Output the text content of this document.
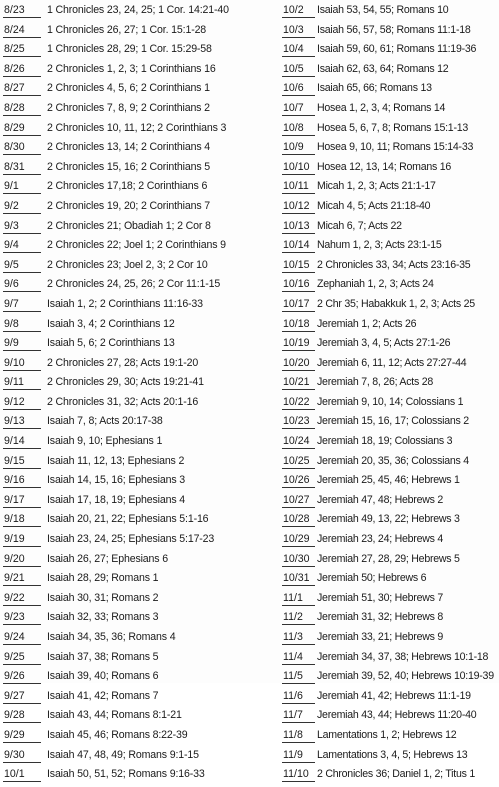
8/23	1 Chronicles 23, 24, 25; 1 Cor. 14:21-40
8/24	1 Chronicles 26, 27; 1 Cor. 15:1-28
8/25	1 Chronicles 28, 29; 1 Cor. 15:29-58
8/26	2 Chronicles 1, 2, 3; 1 Corinthians 16
8/27	2 Chronicles 4, 5, 6; 2 Corinthians 1
8/28	2 Chronicles 7, 8, 9; 2 Corinthians 2
8/29	2 Chronicles 10, 11, 12; 2 Corinthians 3
8/30	2 Chronicles 13, 14; 2 Corinthians 4
8/31	2 Chronicles 15, 16; 2 Corinthians 5
9/1	2 Chronicles 17,18; 2 Corinthians 6
9/2	2 Chronicles 19, 20; 2 Corinthians 7
9/3	2 Chronicles 21; Obadiah 1; 2 Cor 8
9/4	2 Chronicles 22; Joel 1; 2 Corinthians 9
9/5	2 Chronicles 23; Joel 2, 3; 2 Cor 10
9/6	2 Chronicles 24, 25, 26; 2 Cor 11:1-15
9/7	Isaiah 1, 2; 2 Corinthians 11:16-33
9/8	Isaiah 3, 4; 2 Corinthians 12
9/9	Isaiah 5, 6; 2 Corinthians 13
9/10	2 Chronicles 27, 28; Acts 19:1-20
9/11	2 Chronicles 29, 30; Acts 19:21-41
9/12	2 Chronicles 31, 32; Acts 20:1-16
9/13	Isaiah 7, 8; Acts 20:17-38
9/14	Isaiah 9, 10; Ephesians 1
9/15	Isaiah 11, 12, 13; Ephesians 2
9/16	Isaiah 14, 15, 16; Ephesians 3
9/17	Isaiah 17, 18, 19; Ephesians 4
9/18	Isaiah 20, 21, 22; Ephesians 5:1-16
9/19	Isaiah 23, 24, 25; Ephesians 5:17-23
9/20	Isaiah 26, 27; Ephesians 6
9/21	Isaiah 28, 29; Romans 1
9/22	Isaiah 30, 31; Romans 2
9/23	Isaiah 32, 33; Romans 3
9/24	Isaiah 34, 35, 36; Romans 4
9/25	Isaiah 37, 38; Romans 5
9/26	Isaiah 39, 40; Romans 6
9/27	Isaiah 41, 42; Romans 7
9/28	Isaiah 43, 44; Romans 8:1-21
9/29	Isaiah 45, 46; Romans 8:22-39
9/30	Isaiah 47, 48, 49; Romans 9:1-15
10/1	Isaiah 50, 51, 52; Romans 9:16-33
10/2	Isaiah 53, 54, 55; Romans 10
10/3	Isaiah 56, 57, 58; Romans 11:1-18
10/4	Isaiah 59, 60, 61; Romans 11:19-36
10/5	Isaiah 62, 63, 64; Romans 12
10/6	Isaiah 65, 66; Romans 13
10/7	Hosea 1, 2, 3, 4; Romans 14
10/8	Hosea 5, 6, 7, 8; Romans 15:1-13
10/9	Hosea 9, 10, 11; Romans 15:14-33
10/10 Hosea 12, 13, 14; Romans 16
10/11 Micah 1, 2, 3; Acts 21:1-17
10/12 Micah 4, 5; Acts 21:18-40
10/13 Micah 6, 7; Acts 22
10/14 Nahum 1, 2, 3; Acts 23:1-15
10/15 2 Chronicles 33, 34; Acts 23:16-35
10/16 Zephaniah 1, 2, 3; Acts 24
10/17 2 Chr 35; Habakkuk 1, 2, 3; Acts 25
10/18 Jeremiah 1, 2; Acts 26
10/19 Jeremiah 3, 4, 5; Acts 27:1-26
10/20 Jeremiah 6, 11, 12; Acts 27:27-44
10/21 Jeremiah 7, 8, 26; Acts 28
10/22 Jeremiah 9, 10, 14; Colossians 1
10/23 Jeremiah 15, 16, 17; Colossians 2
10/24 Jeremiah 18, 19; Colossians 3
10/25 Jeremiah 20, 35, 36; Colossians 4
10/26 Jeremiah 25, 45, 46; Hebrews 1
10/27 Jeremiah 47, 48; Hebrews 2
10/28 Jeremiah 49, 13, 22; Hebrews 3
10/29 Jeremiah 23, 24; Hebrews 4
10/30 Jeremiah 27, 28, 29; Hebrews 5
10/31 Jeremiah 50; Hebrews 6
11/1	Jeremiah 51, 30; Hebrews 7
11/2	Jeremiah 31, 32; Hebrews 8
11/3	Jeremiah 33, 21; Hebrews 9
11/4	Jeremiah 34, 37, 38; Hebrews 10:1-18
11/5	Jeremiah 39, 52, 40; Hebrews 10:19-39
11/6	Jeremiah 41, 42; Hebrews 11:1-19
11/7	Jeremiah 43, 44; Hebrews 11:20-40
11/8	Lamentations 1, 2; Hebrews 12
11/9	Lamentations 3, 4, 5; Hebrews 13
11/10 2 Chronicles 36; Daniel 1, 2; Titus 1
